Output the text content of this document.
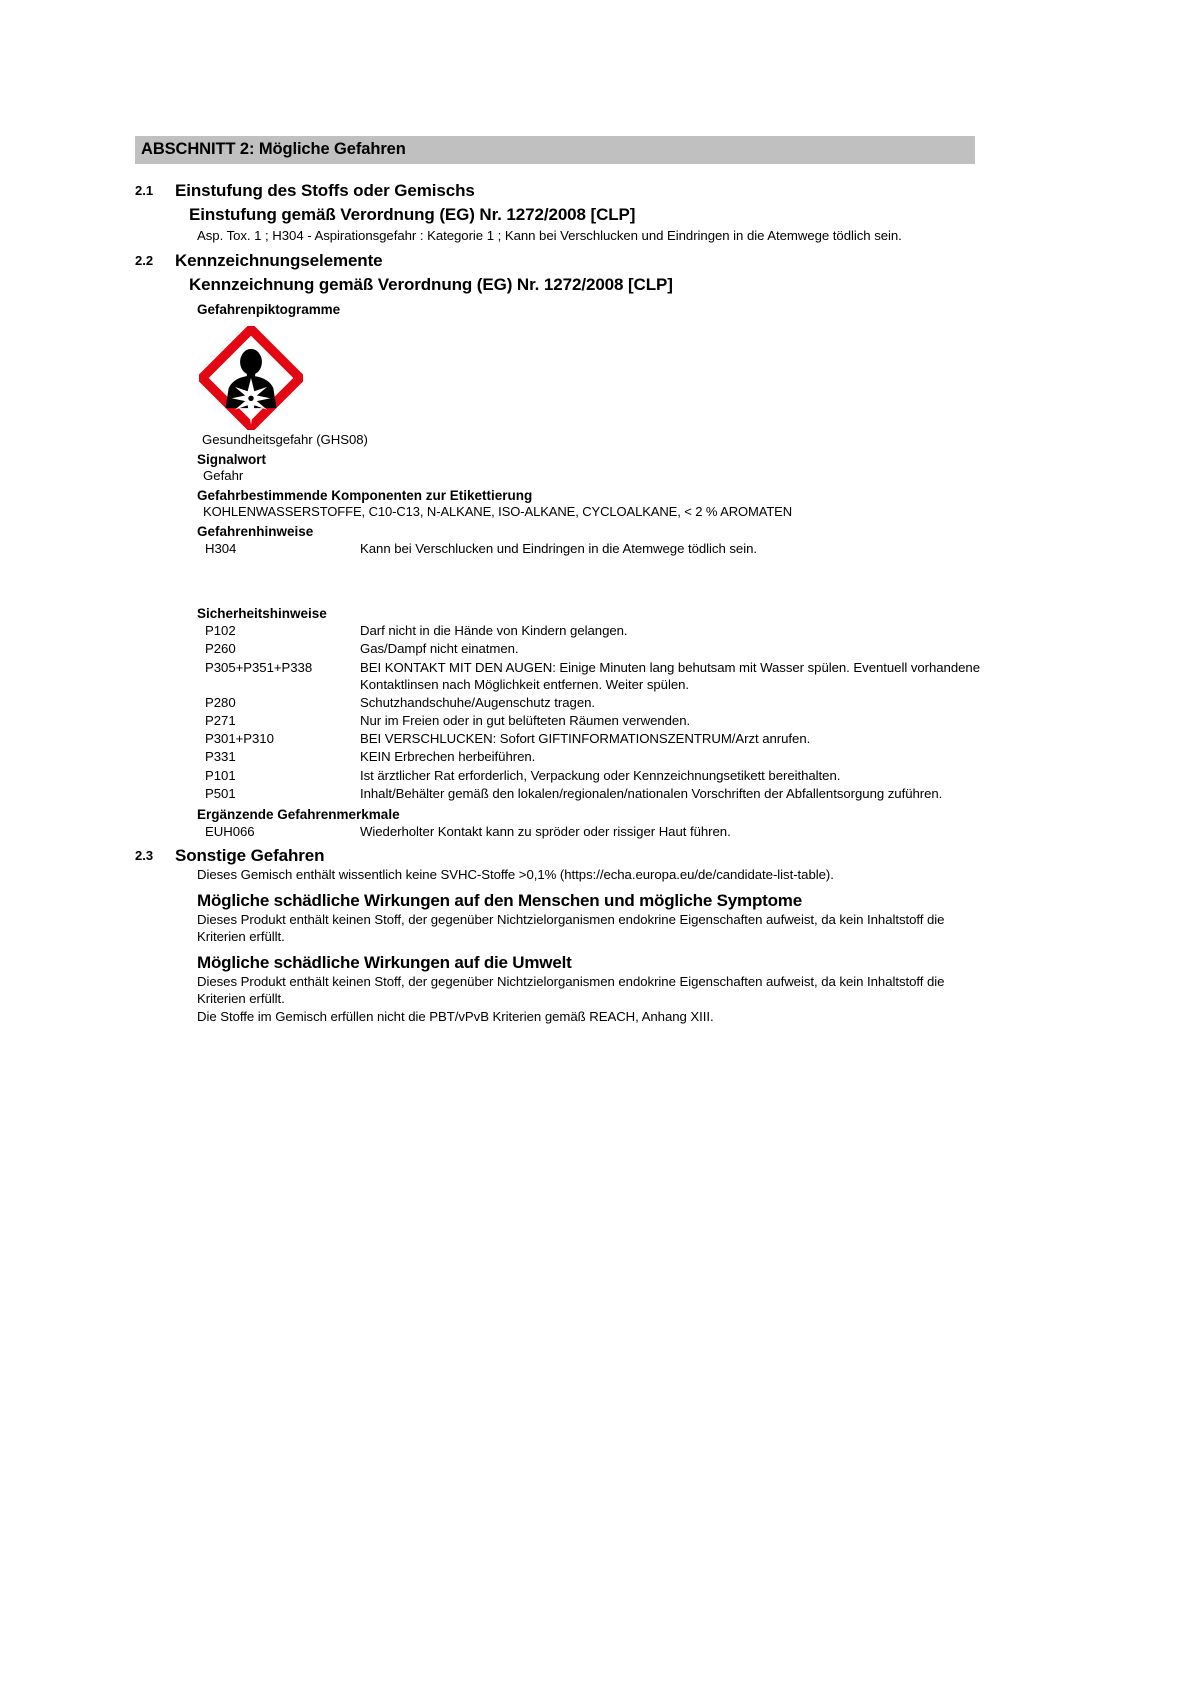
ABSCHNITT 2: Mögliche Gefahren
2.1	Einstufung des Stoffs oder Gemischs
Einstufung gemäß Verordnung (EG) Nr. 1272/2008 [CLP]
Asp. Tox. 1 ; H304 - Aspirationsgefahr : Kategorie 1 ; Kann bei Verschlucken und Eindringen in die Atemwege tödlich sein.
2.2	Kennzeichnungselemente
Kennzeichnung gemäß Verordnung (EG) Nr. 1272/2008 [CLP]
Gefahrenpiktogramme
Gesundheitsgefahr (GHS08)
Signalwort
Gefahr
Gefahrbestimmende Komponenten zur Etikettierung
KOHLENWASSERSTOFFE, C10-C13, N-ALKANE, ISO-ALKANE, CYCLOALKANE, < 2 % AROMATEN
Gefahrenhinweise
H304	Kann bei Verschlucken und Eindringen in die Atemwege tödlich sein.
Sicherheitshinweise
P102	Darf nicht in die Hände von Kindern gelangen.
P260	Gas/Dampf nicht einatmen.
P305+P351+P338	BEI KONTAKT MIT DEN AUGEN: Einige Minuten lang behutsam mit Wasser spülen. Eventuell vorhandene Kontaktlinsen nach Möglichkeit entfernen. Weiter spülen.
P280	Schutzhandschuhe/Augenschutz tragen.
P271	Nur im Freien oder in gut belüfteten Räumen verwenden.
P301+P310	BEI VERSCHLUCKEN: Sofort GIFTINFORMATIONSZENTRUM/Arzt anrufen.
P331	KEIN Erbrechen herbeiführen.
P101	Ist ärztlicher Rat erforderlich, Verpackung oder Kennzeichnungsetikett bereithalten.
P501	Inhalt/Behälter gemäß den lokalen/regionalen/nationalen Vorschriften der Abfallentsorgung zuführen.
Ergänzende Gefahrenmerkmale
EUH066	Wiederholter Kontakt kann zu spröder oder rissiger Haut führen.
2.3	Sonstige Gefahren
Dieses Gemisch enthält wissentlich keine SVHC-Stoffe >0,1% (https://echa.europa.eu/de/candidate-list-table).
Mögliche schädliche Wirkungen auf den Menschen und mögliche Symptome
Dieses Produkt enthält keinen Stoff, der gegenüber Nichtzielorganismen endokrine Eigenschaften aufweist, da kein Inhaltstoff die Kriterien erfüllt.
Mögliche schädliche Wirkungen auf die Umwelt
Dieses Produkt enthält keinen Stoff, der gegenüber Nichtzielorganismen endokrine Eigenschaften aufweist, da kein Inhaltstoff die Kriterien erfüllt.
Die Stoffe im Gemisch erfüllen nicht die PBT/vPvB Kriterien gemäß REACH, Anhang XIII.
